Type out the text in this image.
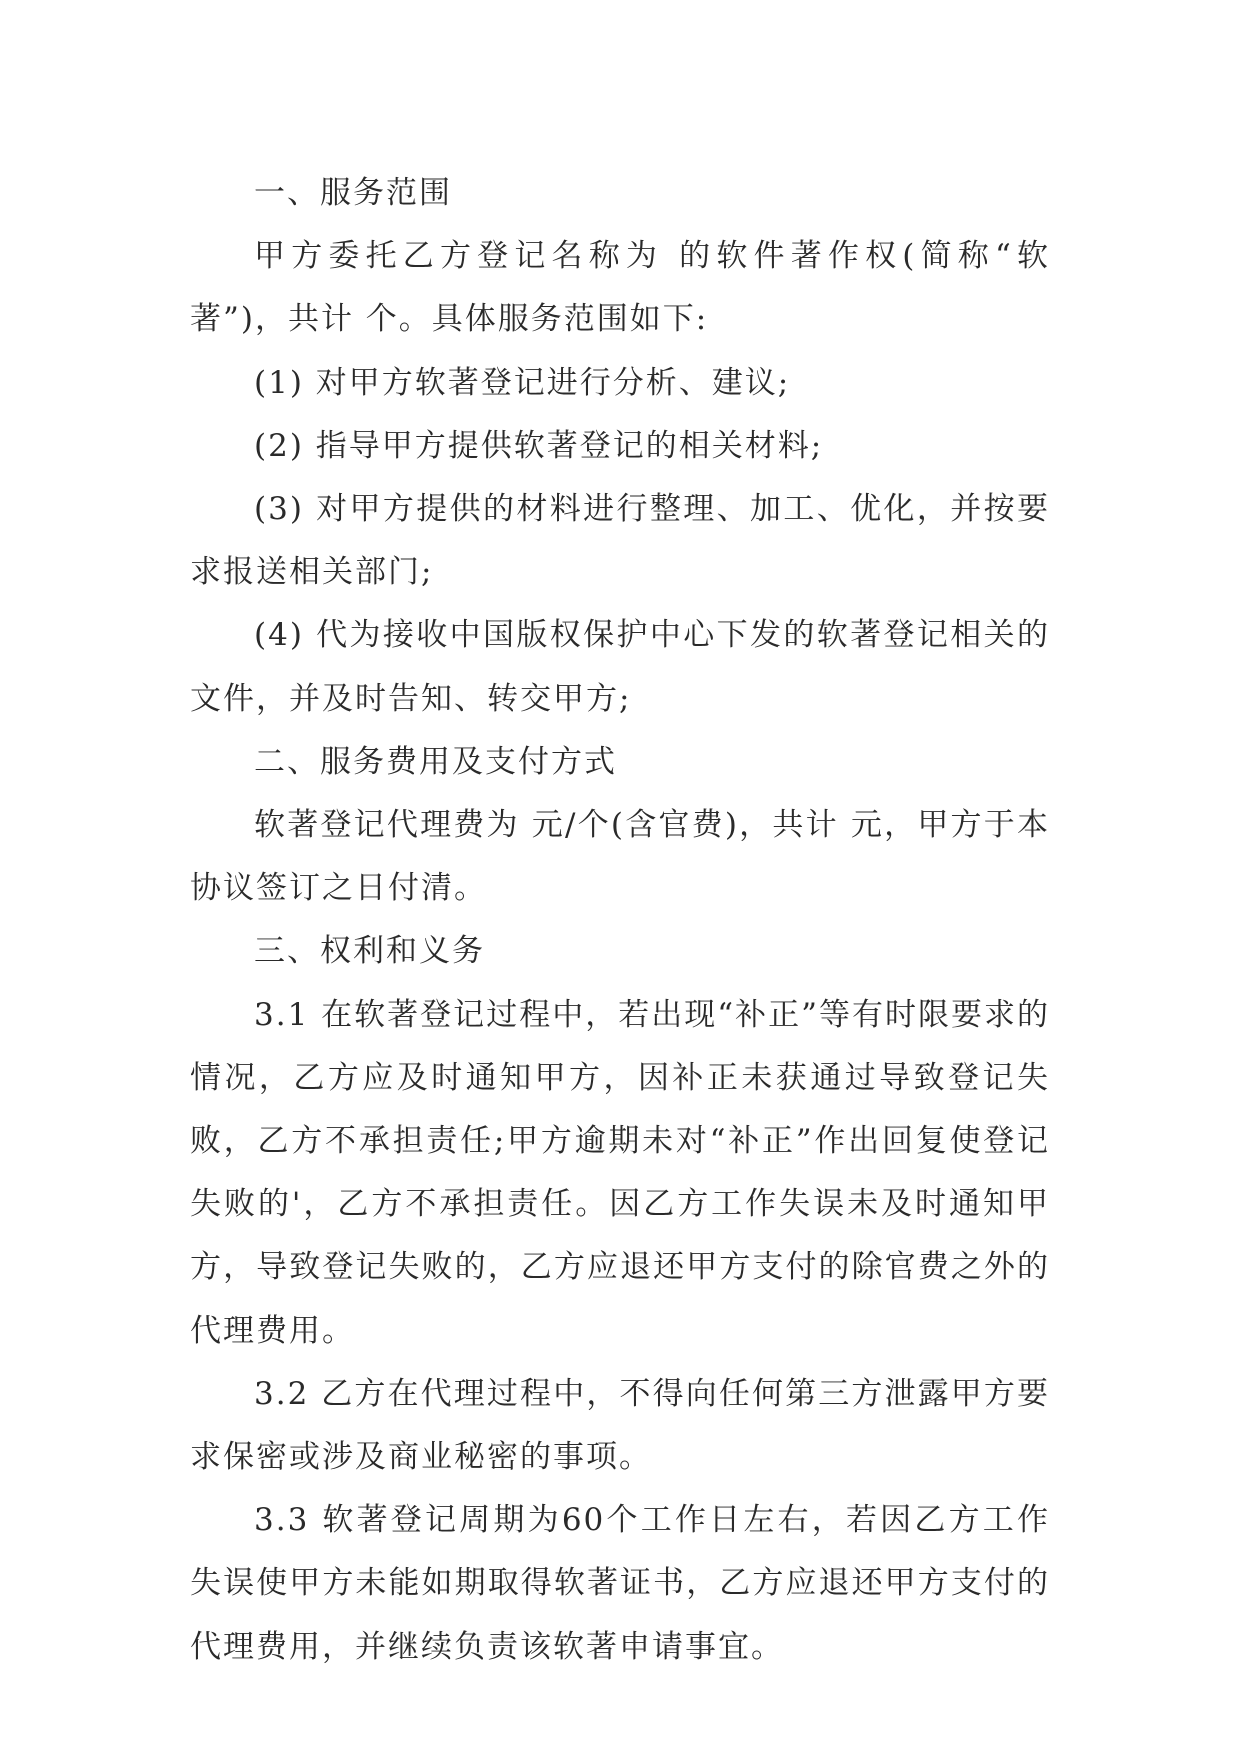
一、服务范围

甲方委托乙方登记名称为 的软件著作权(简称“软著”)，共计 个。具体服务范围如下:

(1) 对甲方软著登记进行分析、建议;

(2) 指导甲方提供软著登记的相关材料;

(3) 对甲方提供的材料进行整理、加工、优化，并按要求报送相关部门;

(4) 代为接收中国版权保护中心下发的软著登记相关的文件，并及时告知、转交甲方;

二、服务费用及支付方式

软著登记代理费为 元/个(含官费)，共计 元，甲方于本协议签订之日付清。

三、权利和义务

3.1 在软著登记过程中，若出现“补正”等有时限要求的情况，乙方应及时通知甲方，因补正未获通过导致登记失败，乙方不承担责任;甲方逾期未对“补正”作出回复使登记失败的'，乙方不承担责任。因乙方工作失误未及时通知甲方，导致登记失败的，乙方应退还甲方支付的除官费之外的代理费用。

3.2 乙方在代理过程中，不得向任何第三方泄露甲方要求保密或涉及商业秘密的事项。

3.3 软著登记周期为60个工作日左右，若因乙方工作失误使甲方未能如期取得软著证书，乙方应退还甲方支付的代理费用，并继续负责该软著申请事宜。
